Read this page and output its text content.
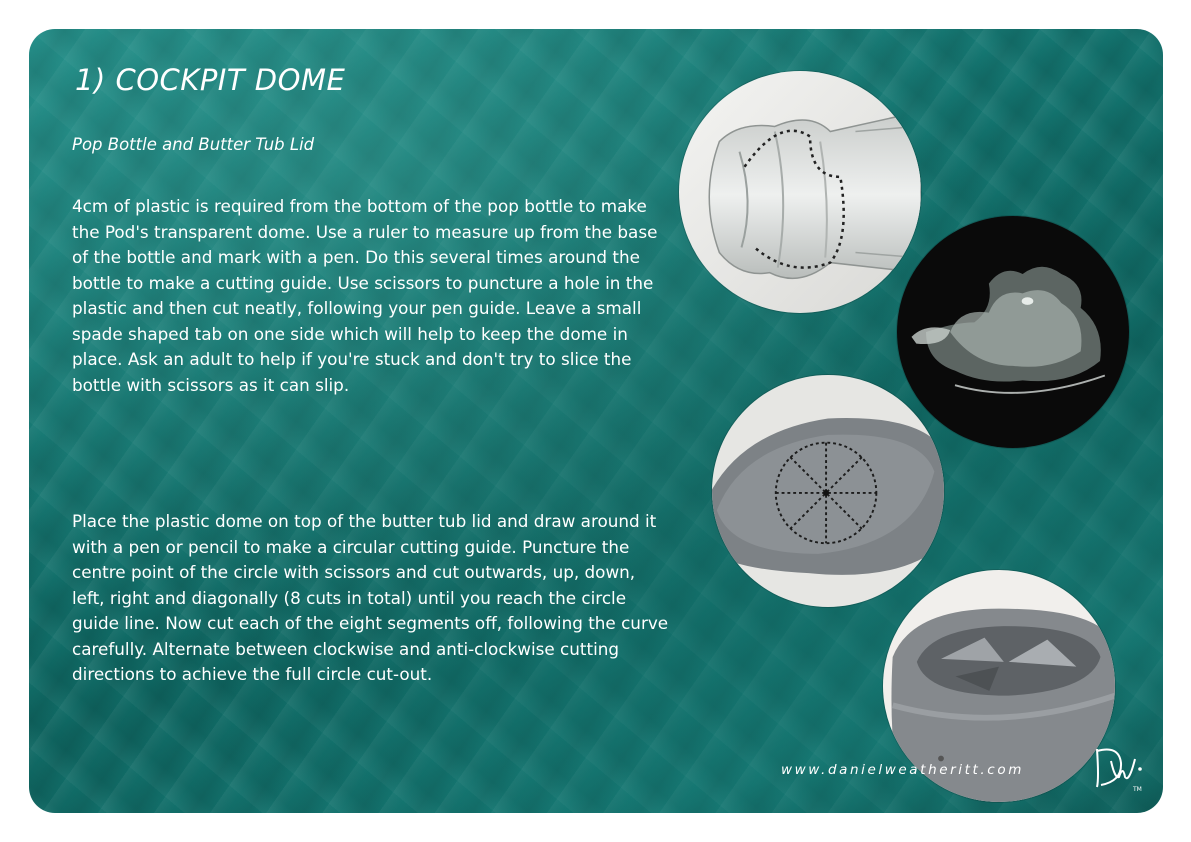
1) COCKPIT DOME

Pop Bottle and Butter Tub Lid

4cm of plastic is required from the bottom of the pop bottle to make the Pod's transparent dome. Use a ruler to measure up from the base of the bottle and mark with a pen. Do this several times around the bottle to make a cutting guide. Use scissors to puncture a hole in the plastic and then cut neatly, following your pen guide. Leave a small spade shaped tab on one side which will help to keep the dome in place. Ask an adult to help if you're stuck and don't try to slice the bottle with scissors as it can slip.

Place the plastic dome on top of the butter tub lid and draw around it with a pen or pencil to make a circular cutting guide. Puncture the centre point of the circle with scissors and cut outwards, up, down, left, right and diagonally (8 cuts in total) until you reach the circle guide line. Now cut each of the eight segments off, following the curve carefully. Alternate between clockwise and anti-clockwise cutting directions to achieve the full circle cut-out.

www.danielweatheritt.com

TM
